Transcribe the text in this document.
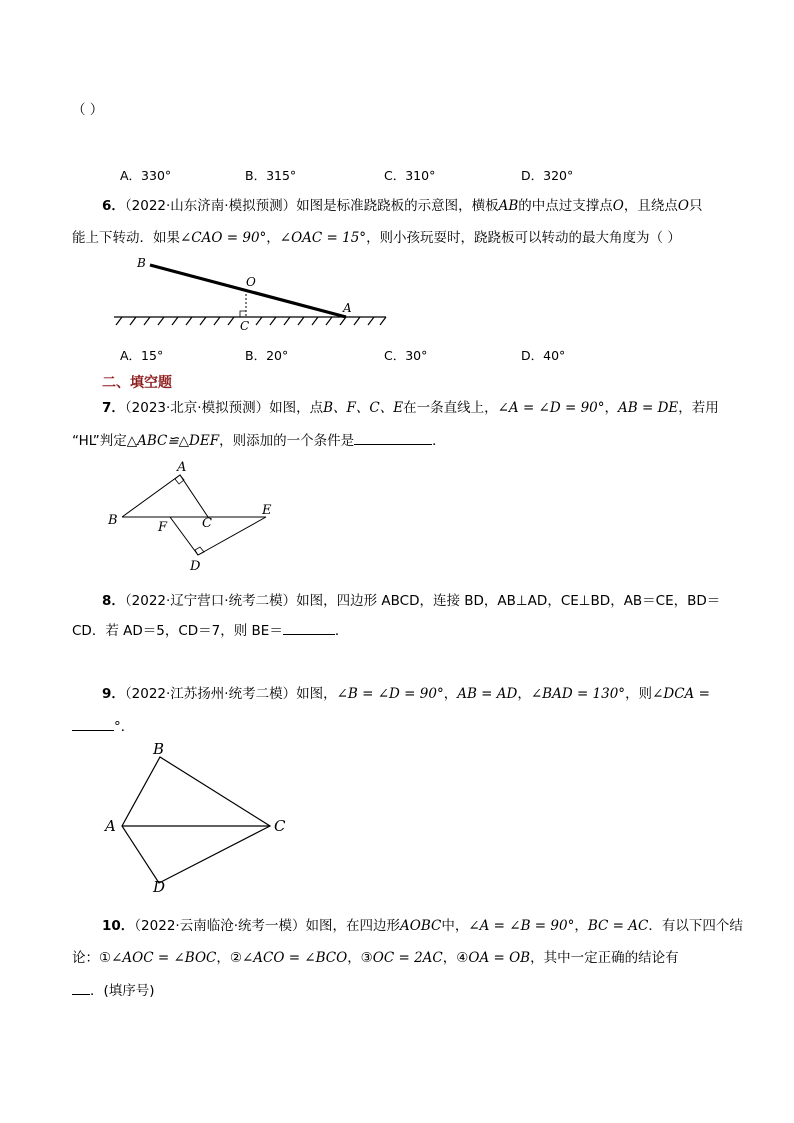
（ ）
A．330°	B．315°	C．310°	D．320°
6．（2022·山东济南·模拟预测）如图是标准跷跷板的示意图，横板AB的中点过支撑点O，且绕点O只
能上下转动．如果∠CAO = 90°，∠OAC = 15°，则小孩玩耍时，跷跷板可以转动的最大角度为（ ）
B
O
A
C
A．15°	B．20°	C．30°	D．40°
二、填空题
7．（2023·北京·模拟预测）如图，点B、F、C、E在一条直线上，∠A = ∠D = 90°，AB = DE，若用
“HL”判定△ABC≌△DEF，则添加的一个条件是	．
A
B	F	C
E
D
8．（2022·辽宁营口·统考二模）如图，四边形 ABCD，连接 BD，AB⊥AD，CE⊥BD，AB＝CE，BD＝
CD．若 AD＝5，CD＝7，则 BE＝	．
9．（2022·江苏扬州·统考二模）如图，∠B = ∠D = 90°，AB = AD，∠BAD = 130°，则∠DCA =
°．
B
A	C
D
10．（2022·云南临沧·统考一模）如图，在四边形AOBC中，∠A = ∠B = 90°，BC = AC．有以下四个结
论：①∠AOC = ∠BOC，②∠ACO = ∠BCO，③OC = 2AC，④OA = OB，其中一定正确的结论有
．(填序号)
